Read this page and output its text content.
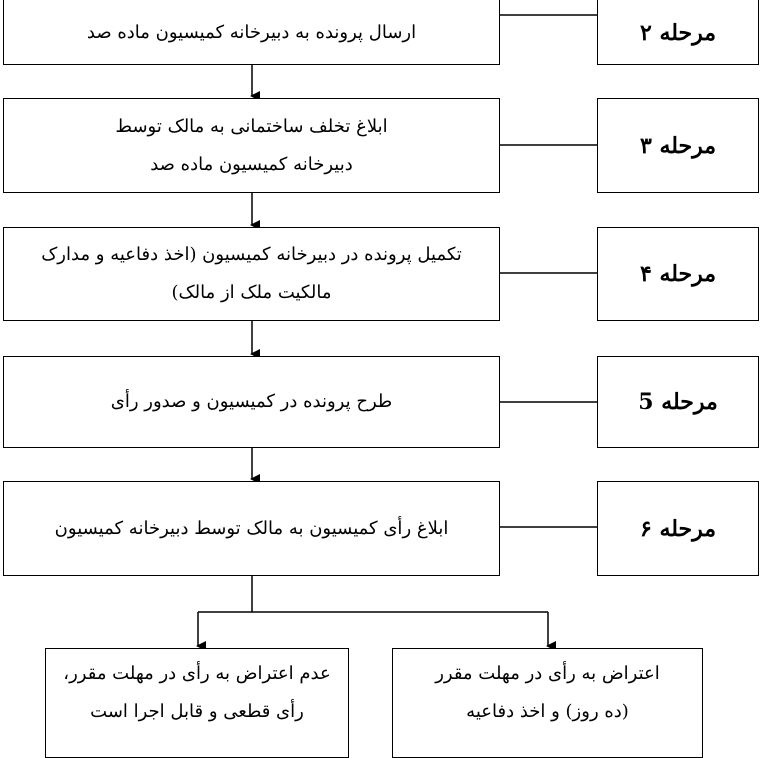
ارسال پرونده به دبیرخانه کمیسیون ماده صد
ابلاغ تخلف ساختمانی به مالک توسط دبیرخانه کمیسیون ماده صد
تکمیل پرونده در دبیرخانه کمیسیون (اخذ دفاعیه و مدارک مالکیت ملک از مالک)
طرح پرونده در کمیسیون و صدور رأی
ابلاغ رأی کمیسیون به مالک توسط دبیرخانه کمیسیون
مرحله ۲
مرحله ۳
مرحله ۴
مرحله 5
مرحله ۶
عدم اعتراض به رأی در مهلت مقرر، رأی قطعی و قابل اجرا است
اعتراض به رأی در مهلت مقرر (ده روز) و اخذ دفاعیه
